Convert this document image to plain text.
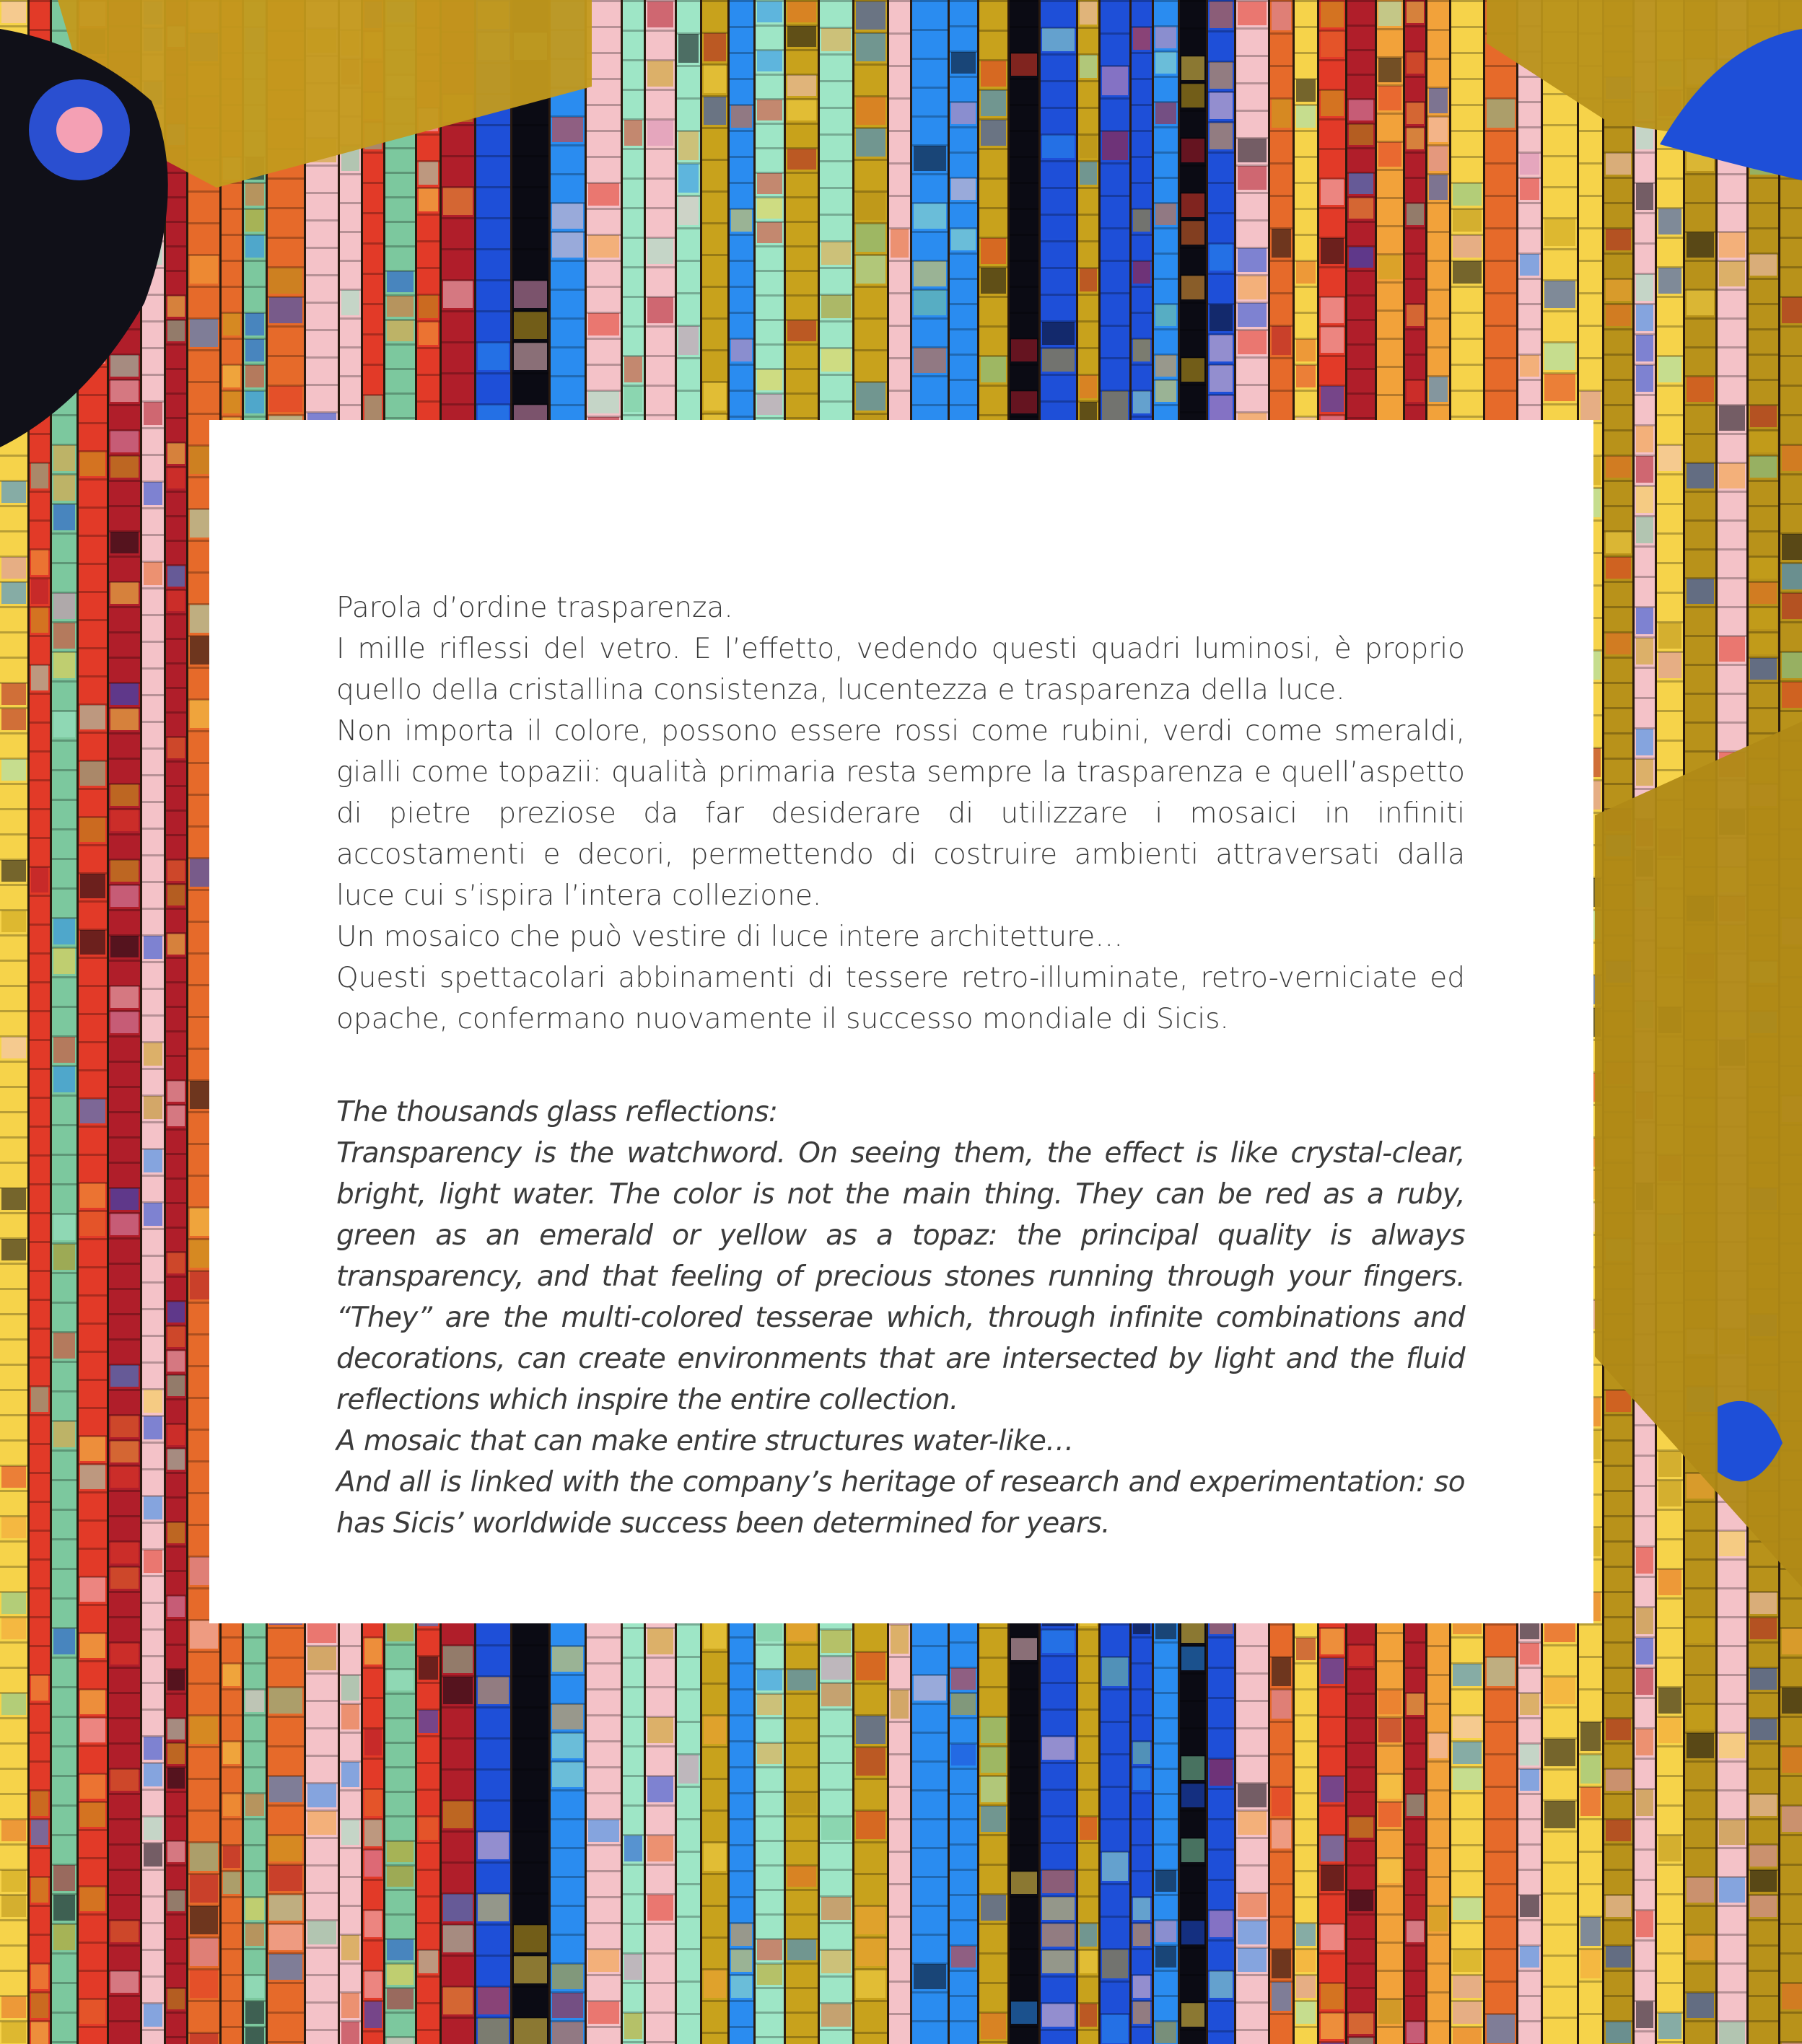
Parola d’ordine trasparenza.

I mille riflessi del vetro. E l’effetto, vedendo questi quadri luminosi, è proprio quello della cristallina consistenza, lucentezza e trasparenza della luce.

Non importa il colore, possono essere rossi come rubini, verdi come smeraldi, gialli come topazii: qualità primaria resta sempre la trasparenza e quell’aspetto di pietre preziose da far desiderare di utilizzare i mosaici in infiniti accostamenti e decori, permettendo di costruire ambienti attraversati dalla luce cui s’ispira l’intera collezione.

Un mosaico che può vestire di luce intere architetture…

Questi spettacolari abbinamenti di tessere retro-illuminate, retro-verniciate ed opache, confermano nuovamente il successo mondiale di Sicis.

The thousands glass reflections:

Transparency is the watchword. On seeing them, the effect is like crystal-clear, bright, light water. The color is not the main thing. They can be red as a ruby, green as an emerald or yellow as a topaz: the principal quality is always transparency, and that feeling of precious stones running through your fingers. “They” are the multi-colored tesserae which, through infinite combinations and decorations, can create environments that are intersected by light and the fluid reflections which inspire the entire collection.

A mosaic that can make entire structures water-like…

And all is linked with the company’s heritage of research and experimentation: so has Sicis’ worldwide success been determined for years.
